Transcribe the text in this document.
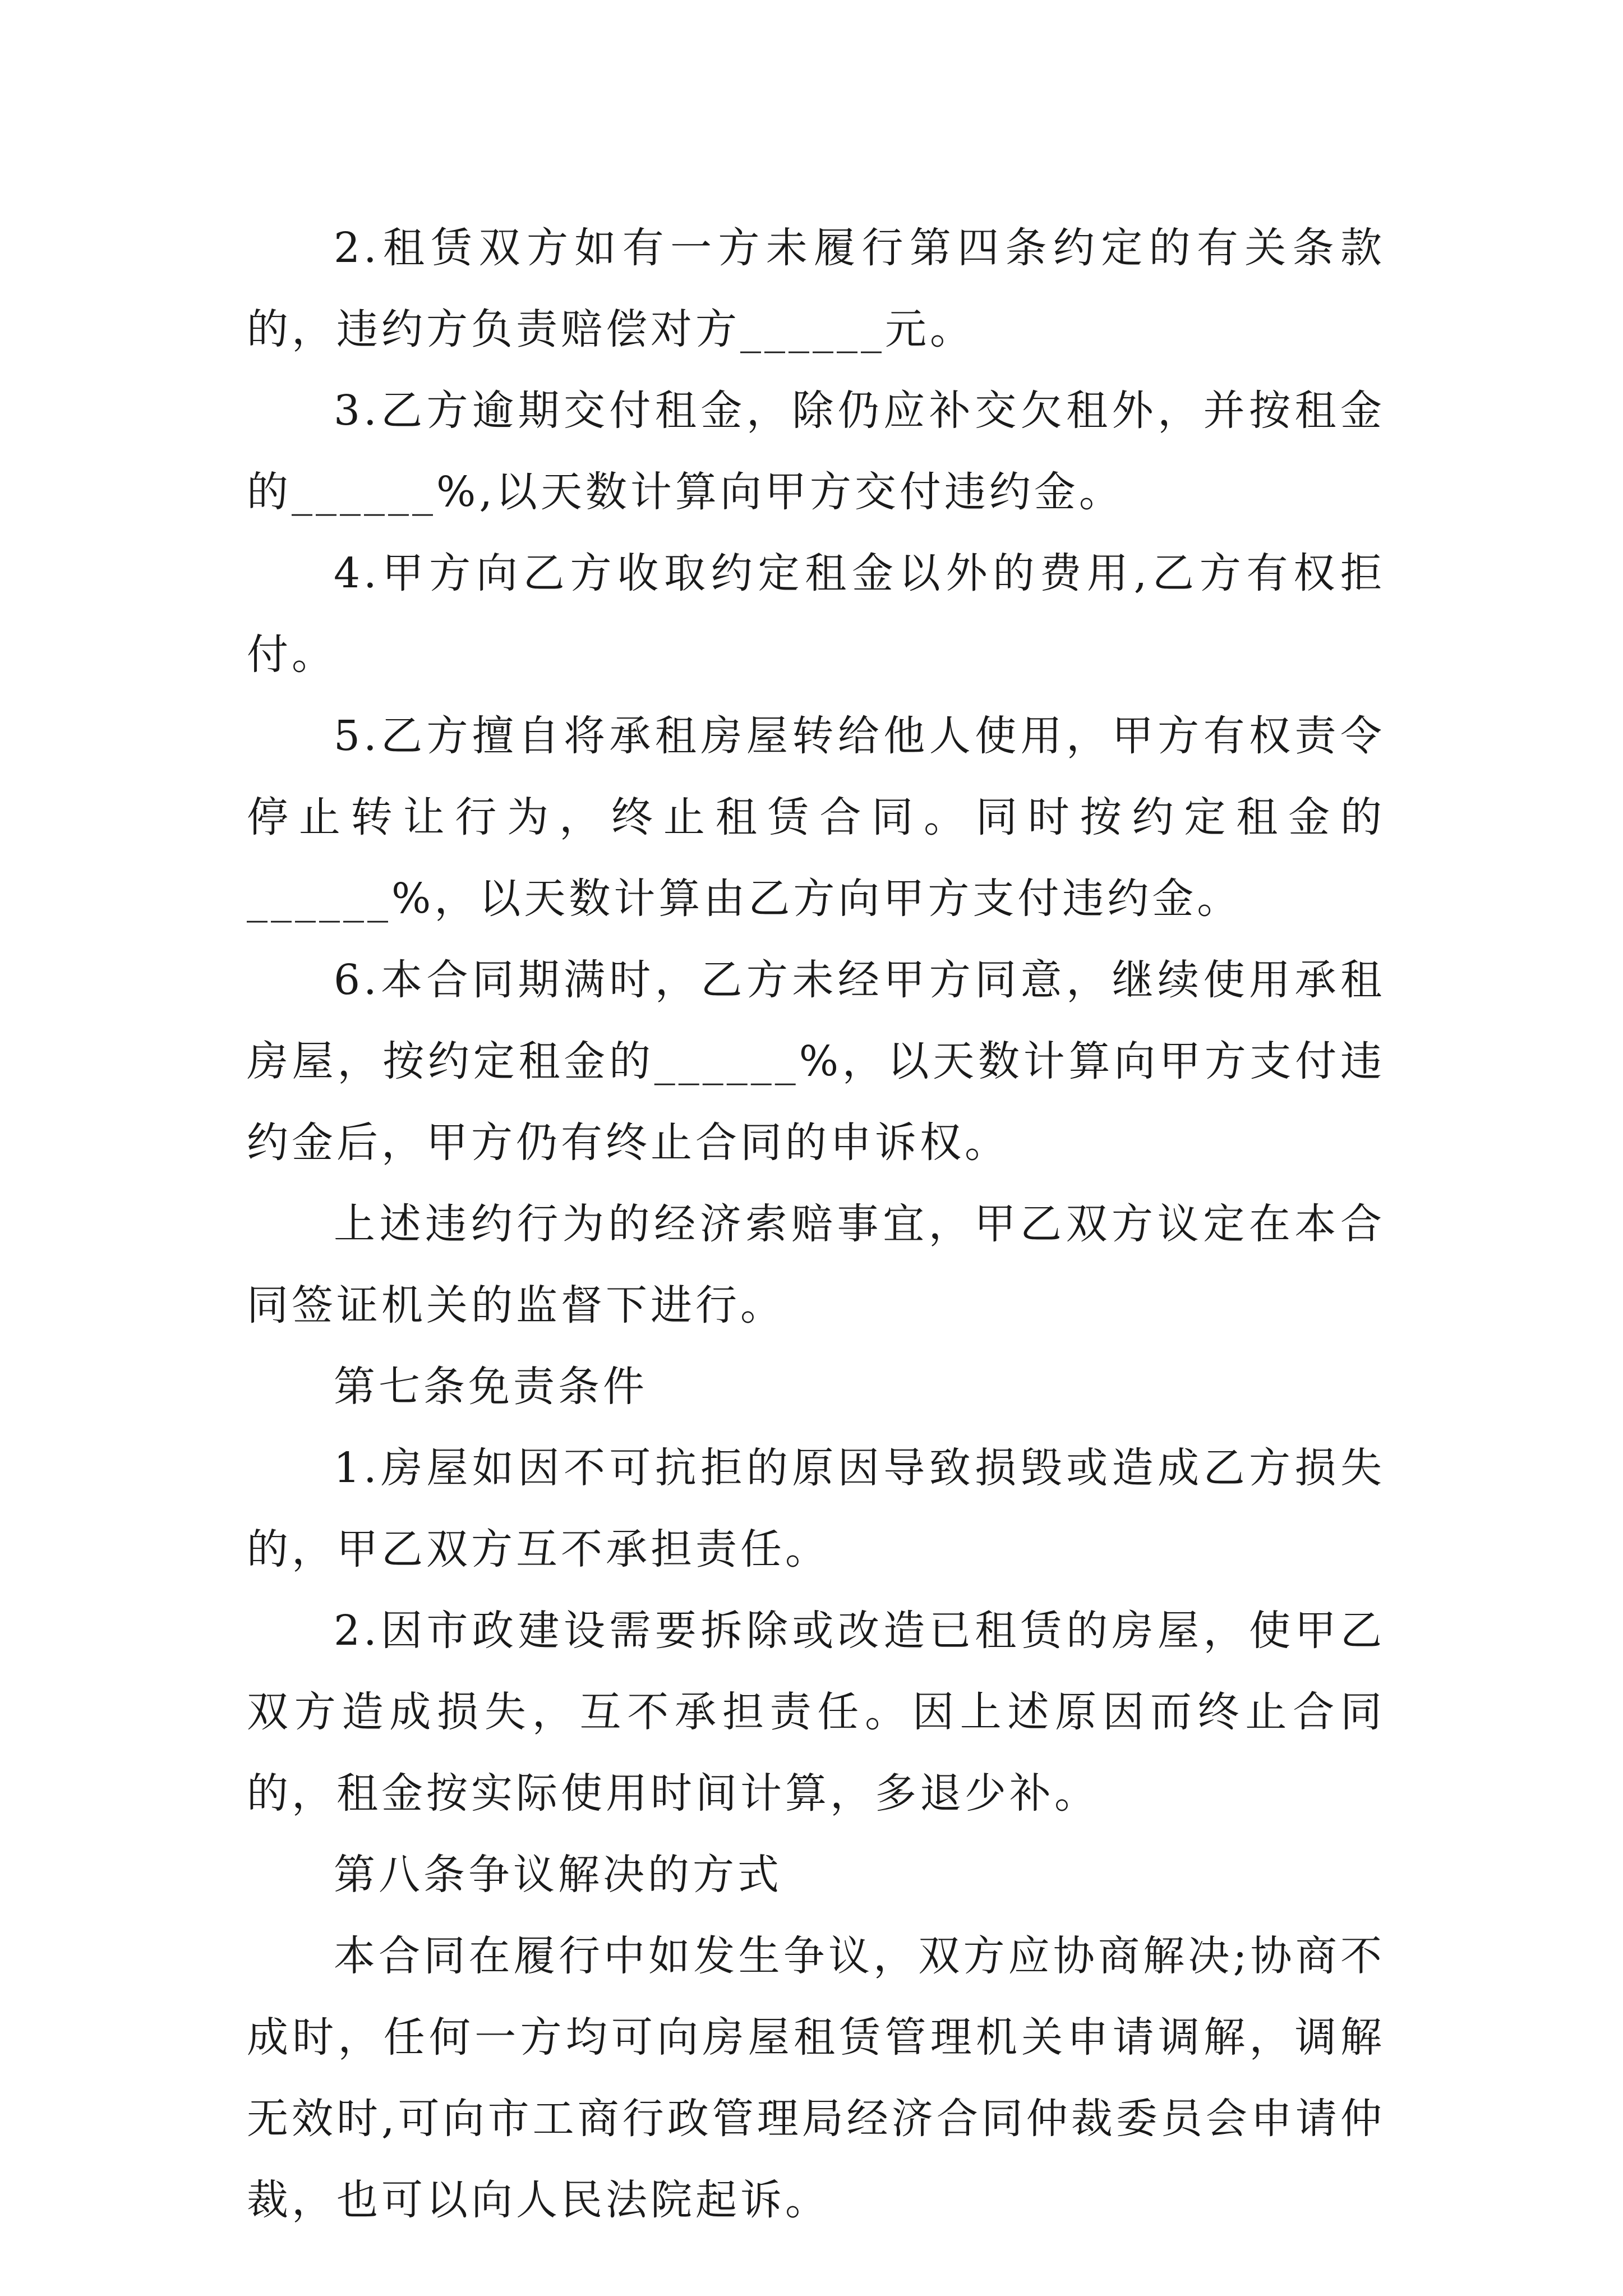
2.租赁双方如有一方未履行第四条约定的有关条款的，违约方负责赔偿对方______元。

3.乙方逾期交付租金，除仍应补交欠租外，并按租金的______%,以天数计算向甲方交付违约金。

4.甲方向乙方收取约定租金以外的费用,乙方有权拒付。

5.乙方擅自将承租房屋转给他人使用，甲方有权责令停止转让行为，终止租赁合同。同时按约定租金的______%，以天数计算由乙方向甲方支付违约金。

6.本合同期满时，乙方未经甲方同意，继续使用承租房屋，按约定租金的______%，以天数计算向甲方支付违约金后，甲方仍有终止合同的申诉权。

上述违约行为的经济索赔事宜，甲乙双方议定在本合同签证机关的监督下进行。

第七条免责条件

1.房屋如因不可抗拒的原因导致损毁或造成乙方损失的，甲乙双方互不承担责任。

2.因市政建设需要拆除或改造已租赁的房屋，使甲乙双方造成损失，互不承担责任。因上述原因而终止合同的，租金按实际使用时间计算，多退少补。

第八条争议解决的方式

本合同在履行中如发生争议，双方应协商解决;协商不成时，任何一方均可向房屋租赁管理机关申请调解，调解无效时,可向市工商行政管理局经济合同仲裁委员会申请仲裁，也可以向人民法院起诉。
